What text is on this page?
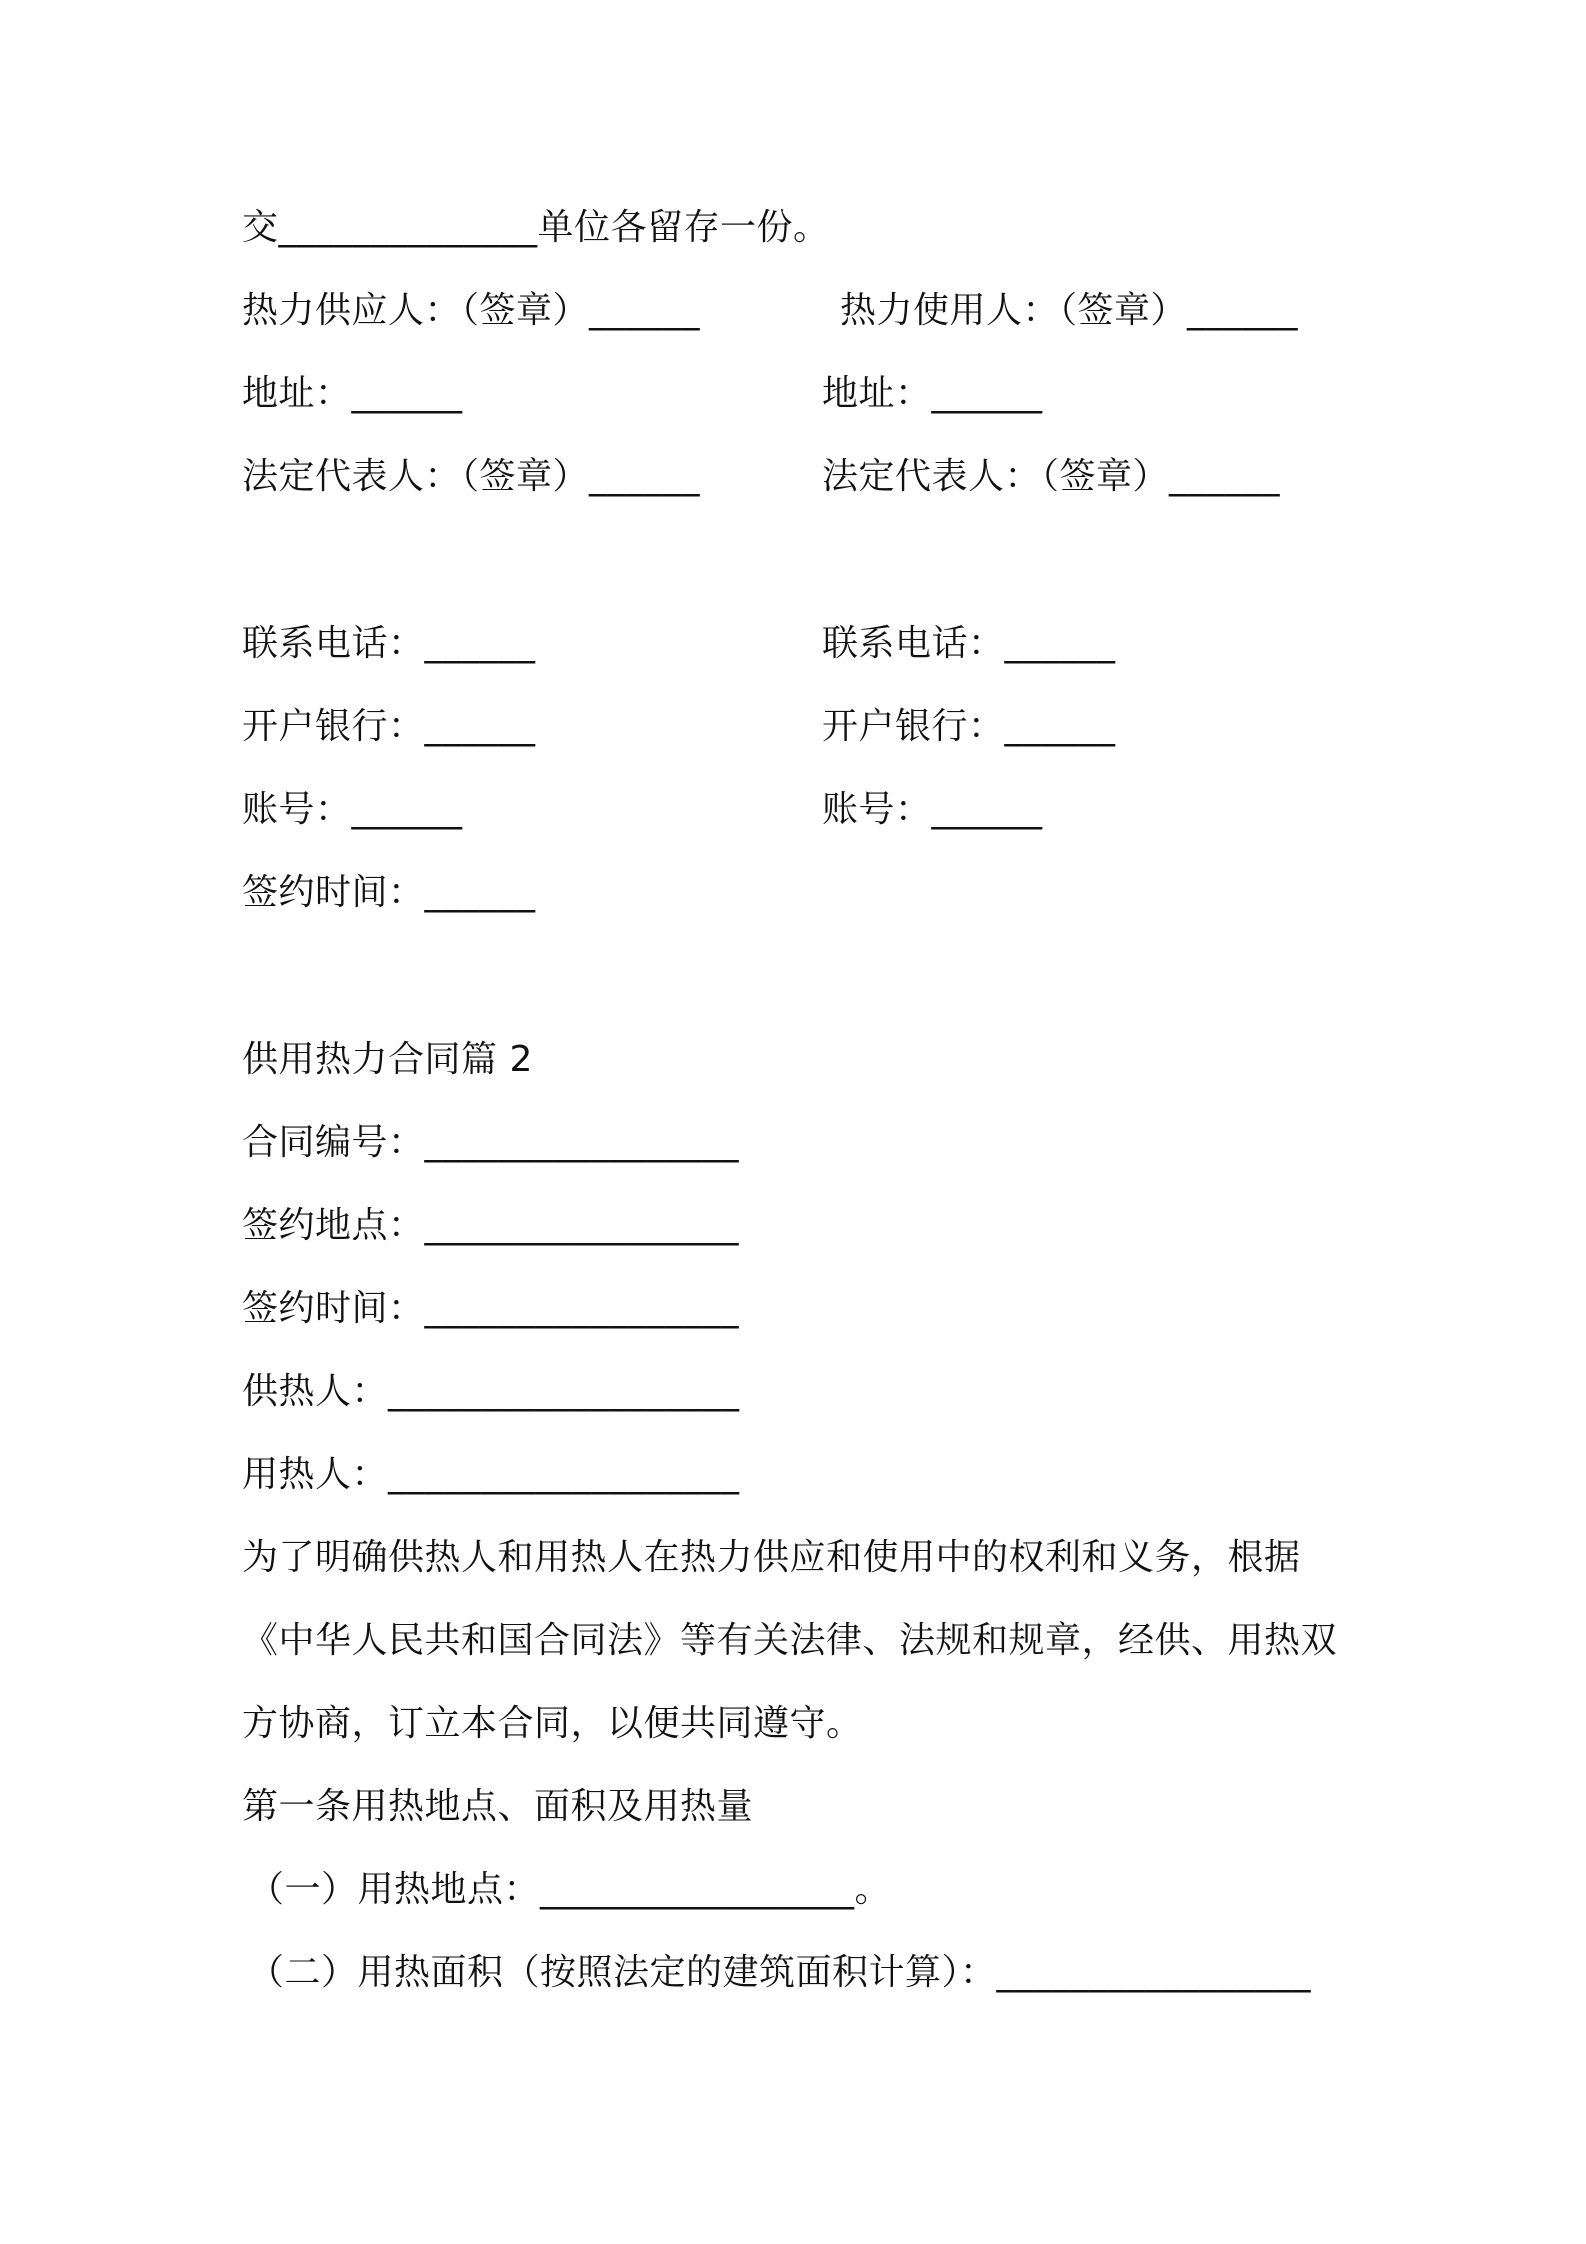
交______________单位各留存一份。
热力供应人：（签章）______	热力使用人：（签章）______
地址：______	地址：______
法定代表人：（签章）______	法定代表人：（签章）______
联系电话：______	联系电话：______
开户银行：______	开户银行：______
账号：______	账号：______
签约时间：______
供用热力合同篇 2
合同编号：_________________
签约地点：_________________
签约时间：_________________
供热人：___________________
用热人：___________________
为了明确供热人和用热人在热力供应和使用中的权利和义务，根据
《中华人民共和国合同法》等有关法律、法规和规章，经供、用热双
方协商，订立本合同，以便共同遵守。
第一条用热地点、面积及用热量
（一）用热地点：_________________。
（二）用热面积（按照法定的建筑面积计算）：_________________
